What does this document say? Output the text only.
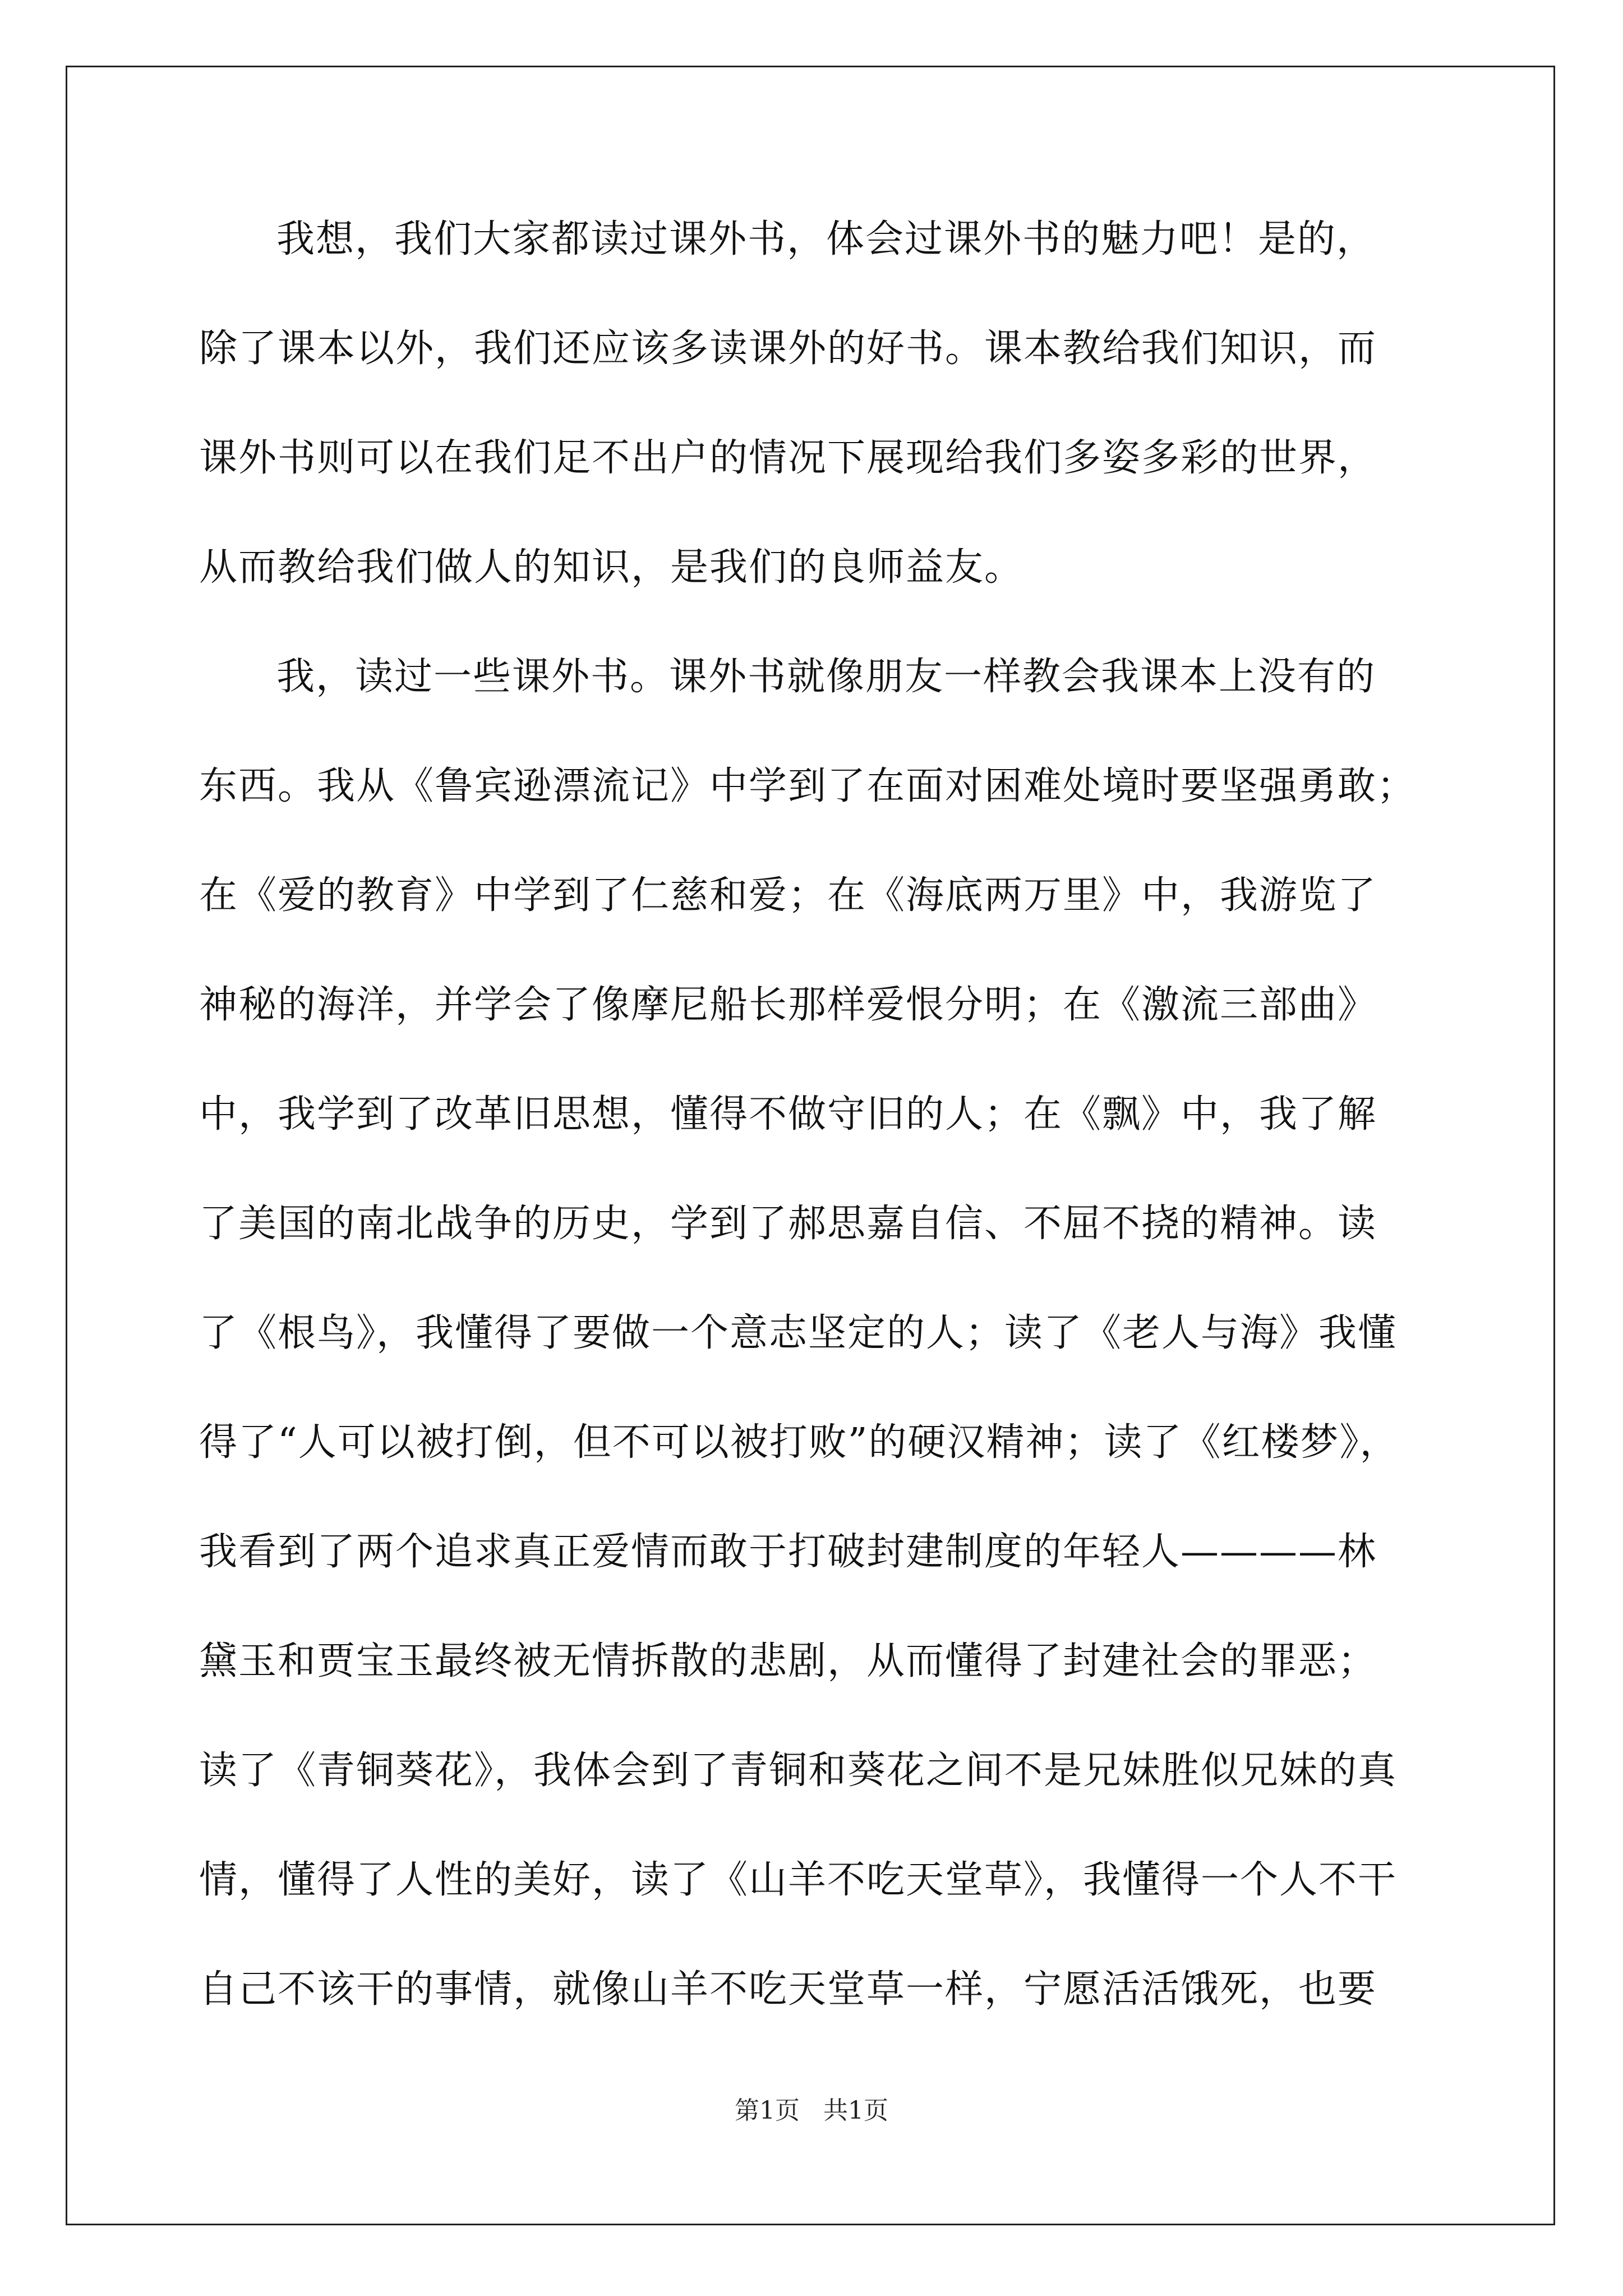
我想，我们大家都读过课外书，体会过课外书的魅力吧！是的，
除了课本以外，我们还应该多读课外的好书。课本教给我们知识，而
课外书则可以在我们足不出户的情况下展现给我们多姿多彩的世界，
从而教给我们做人的知识，是我们的良师益友。
我，读过一些课外书。课外书就像朋友一样教会我课本上没有的
东西。我从《鲁宾逊漂流记》中学到了在面对困难处境时要坚强勇敢；
在《爱的教育》中学到了仁慈和爱；在《海底两万里》中，我游览了
神秘的海洋，并学会了像摩尼船长那样爱恨分明；在《激流三部曲》
中，我学到了改革旧思想，懂得不做守旧的人；在《飘》中，我了解
了美国的南北战争的历史，学到了郝思嘉自信、不屈不挠的精神。读
了《根鸟》，我懂得了要做一个意志坚定的人；读了《老人与海》我懂
得了“人可以被打倒，但不可以被打败”的硬汉精神；读了《红楼梦》，
我看到了两个追求真正爱情而敢于打破封建制度的年轻人————林
黛玉和贾宝玉最终被无情拆散的悲剧，从而懂得了封建社会的罪恶；
读了《青铜葵花》，我体会到了青铜和葵花之间不是兄妹胜似兄妹的真
情，懂得了人性的美好，读了《山羊不吃天堂草》，我懂得一个人不干
自己不该干的事情，就像山羊不吃天堂草一样，宁愿活活饿死，也要
第1页   共1页
